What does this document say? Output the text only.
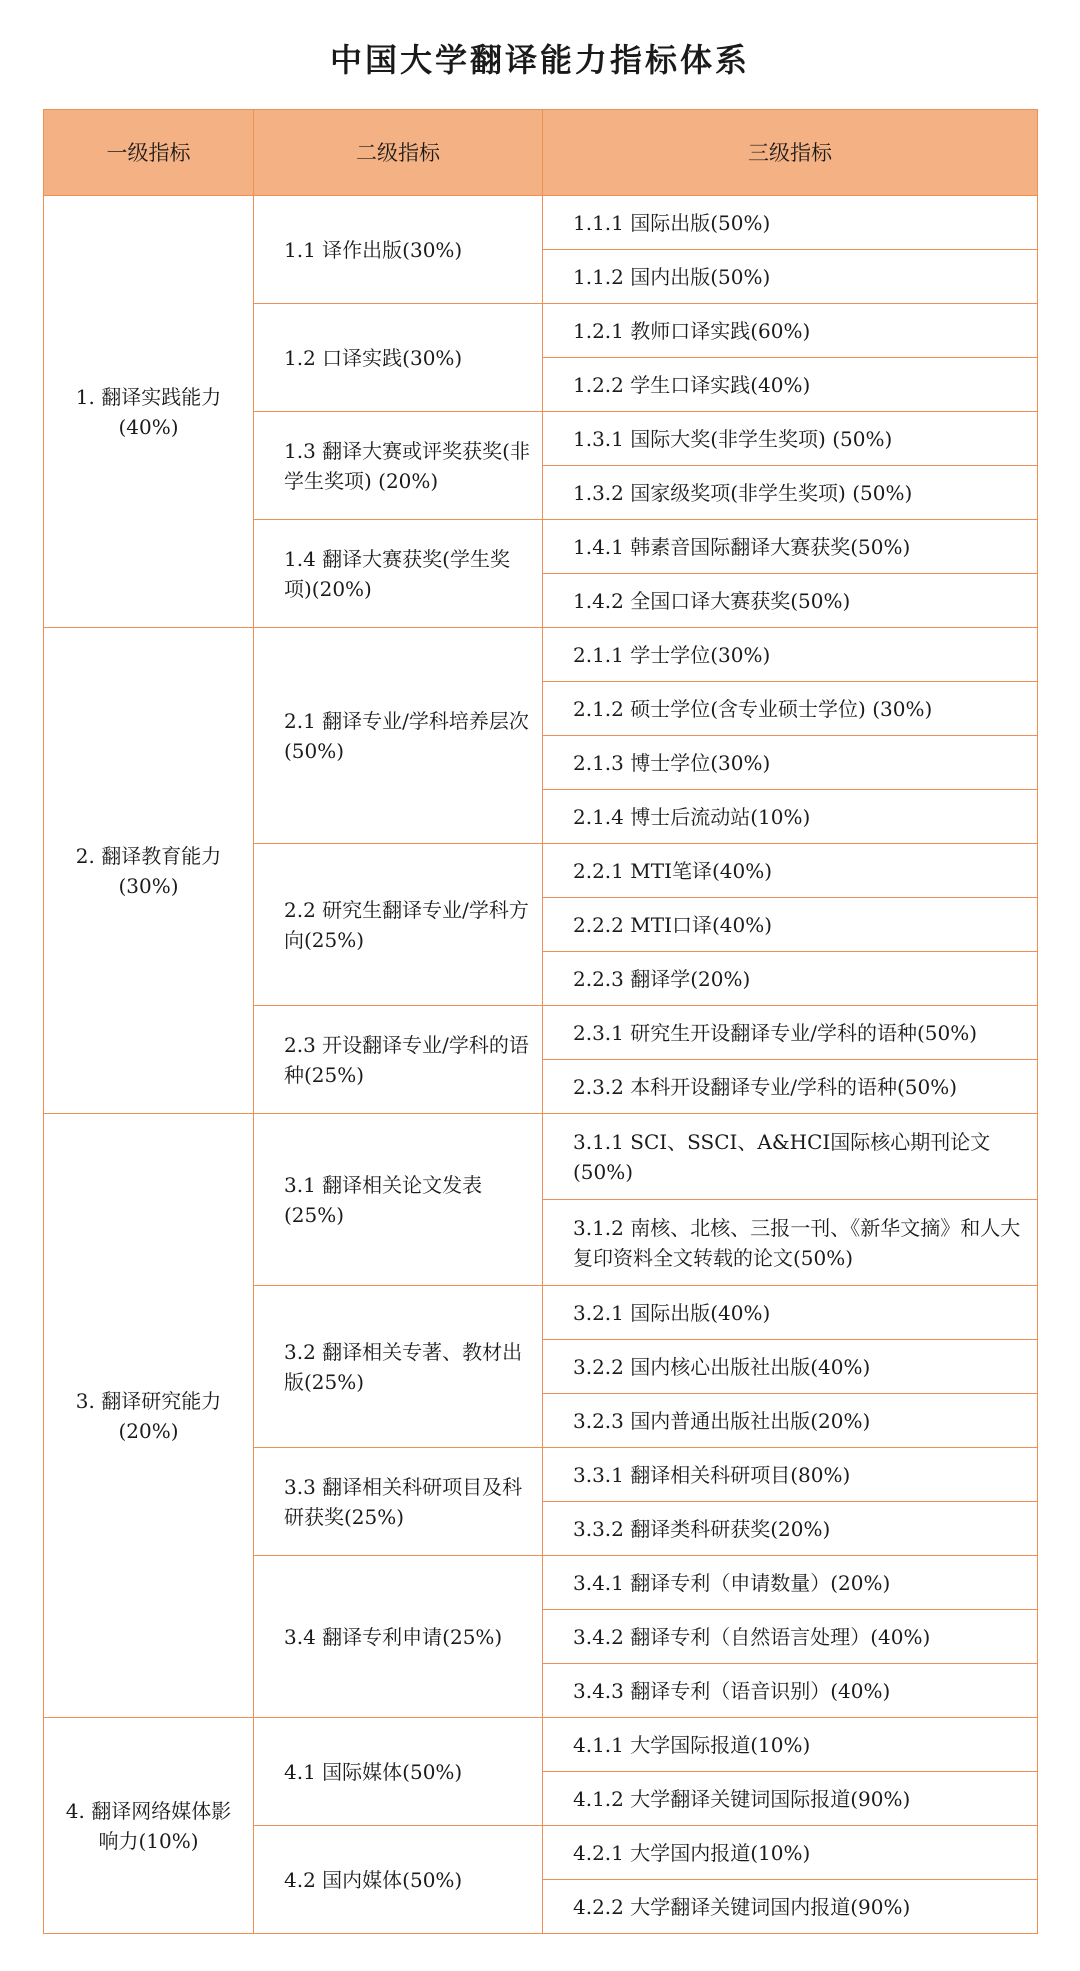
中国大学翻译能力指标体系
一级指标	二级指标	三级指标
1. 翻译实践能力(40%)	1.1 译作出版(30%)	1.1.1 国际出版(50%)
		1.1.2 国内出版(50%)
	1.2 口译实践(30%)	1.2.1 教师口译实践(60%)
		1.2.2 学生口译实践(40%)
	1.3 翻译大赛或评奖获奖(非学生奖项) (20%)	1.3.1 国际大奖(非学生奖项) (50%)
		1.3.2 国家级奖项(非学生奖项) (50%)
	1.4 翻译大赛获奖(学生奖项)(20%)	1.4.1 韩素音国际翻译大赛获奖(50%)
		1.4.2 全国口译大赛获奖(50%)
2. 翻译教育能力(30%)	2.1 翻译专业/学科培养层次(50%)	2.1.1 学士学位(30%)
		2.1.2 硕士学位(含专业硕士学位) (30%)
		2.1.3 博士学位(30%)
		2.1.4 博士后流动站(10%)
	2.2 研究生翻译专业/学科方向(25%)	2.2.1 MTI笔译(40%)
		2.2.2 MTI口译(40%)
		2.2.3 翻译学(20%)
	2.3 开设翻译专业/学科的语种(25%)	2.3.1 研究生开设翻译专业/学科的语种(50%)
		2.3.2 本科开设翻译专业/学科的语种(50%)
3. 翻译研究能力(20%)	3.1 翻译相关论文发表(25%)	3.1.1 SCI、SSCI、A&HCI国际核心期刊论文(50%)
		3.1.2 南核、北核、三报一刊、《新华文摘》和人大复印资料全文转载的论文(50%)
	3.2 翻译相关专著、教材出版(25%)	3.2.1 国际出版(40%)
		3.2.2 国内核心出版社出版(40%)
		3.2.3 国内普通出版社出版(20%)
	3.3 翻译相关科研项目及科研获奖(25%)	3.3.1 翻译相关科研项目(80%)
		3.3.2 翻译类科研获奖(20%)
	3.4 翻译专利申请(25%)	3.4.1 翻译专利（申请数量）(20%)
		3.4.2 翻译专利（自然语言处理）(40%)
		3.4.3 翻译专利（语音识别）(40%)
4. 翻译网络媒体影响力(10%)	4.1 国际媒体(50%)	4.1.1 大学国际报道(10%)
		4.1.2 大学翻译关键词国际报道(90%)
	4.2 国内媒体(50%)	4.2.1 大学国内报道(10%)
		4.2.2 大学翻译关键词国内报道(90%)
